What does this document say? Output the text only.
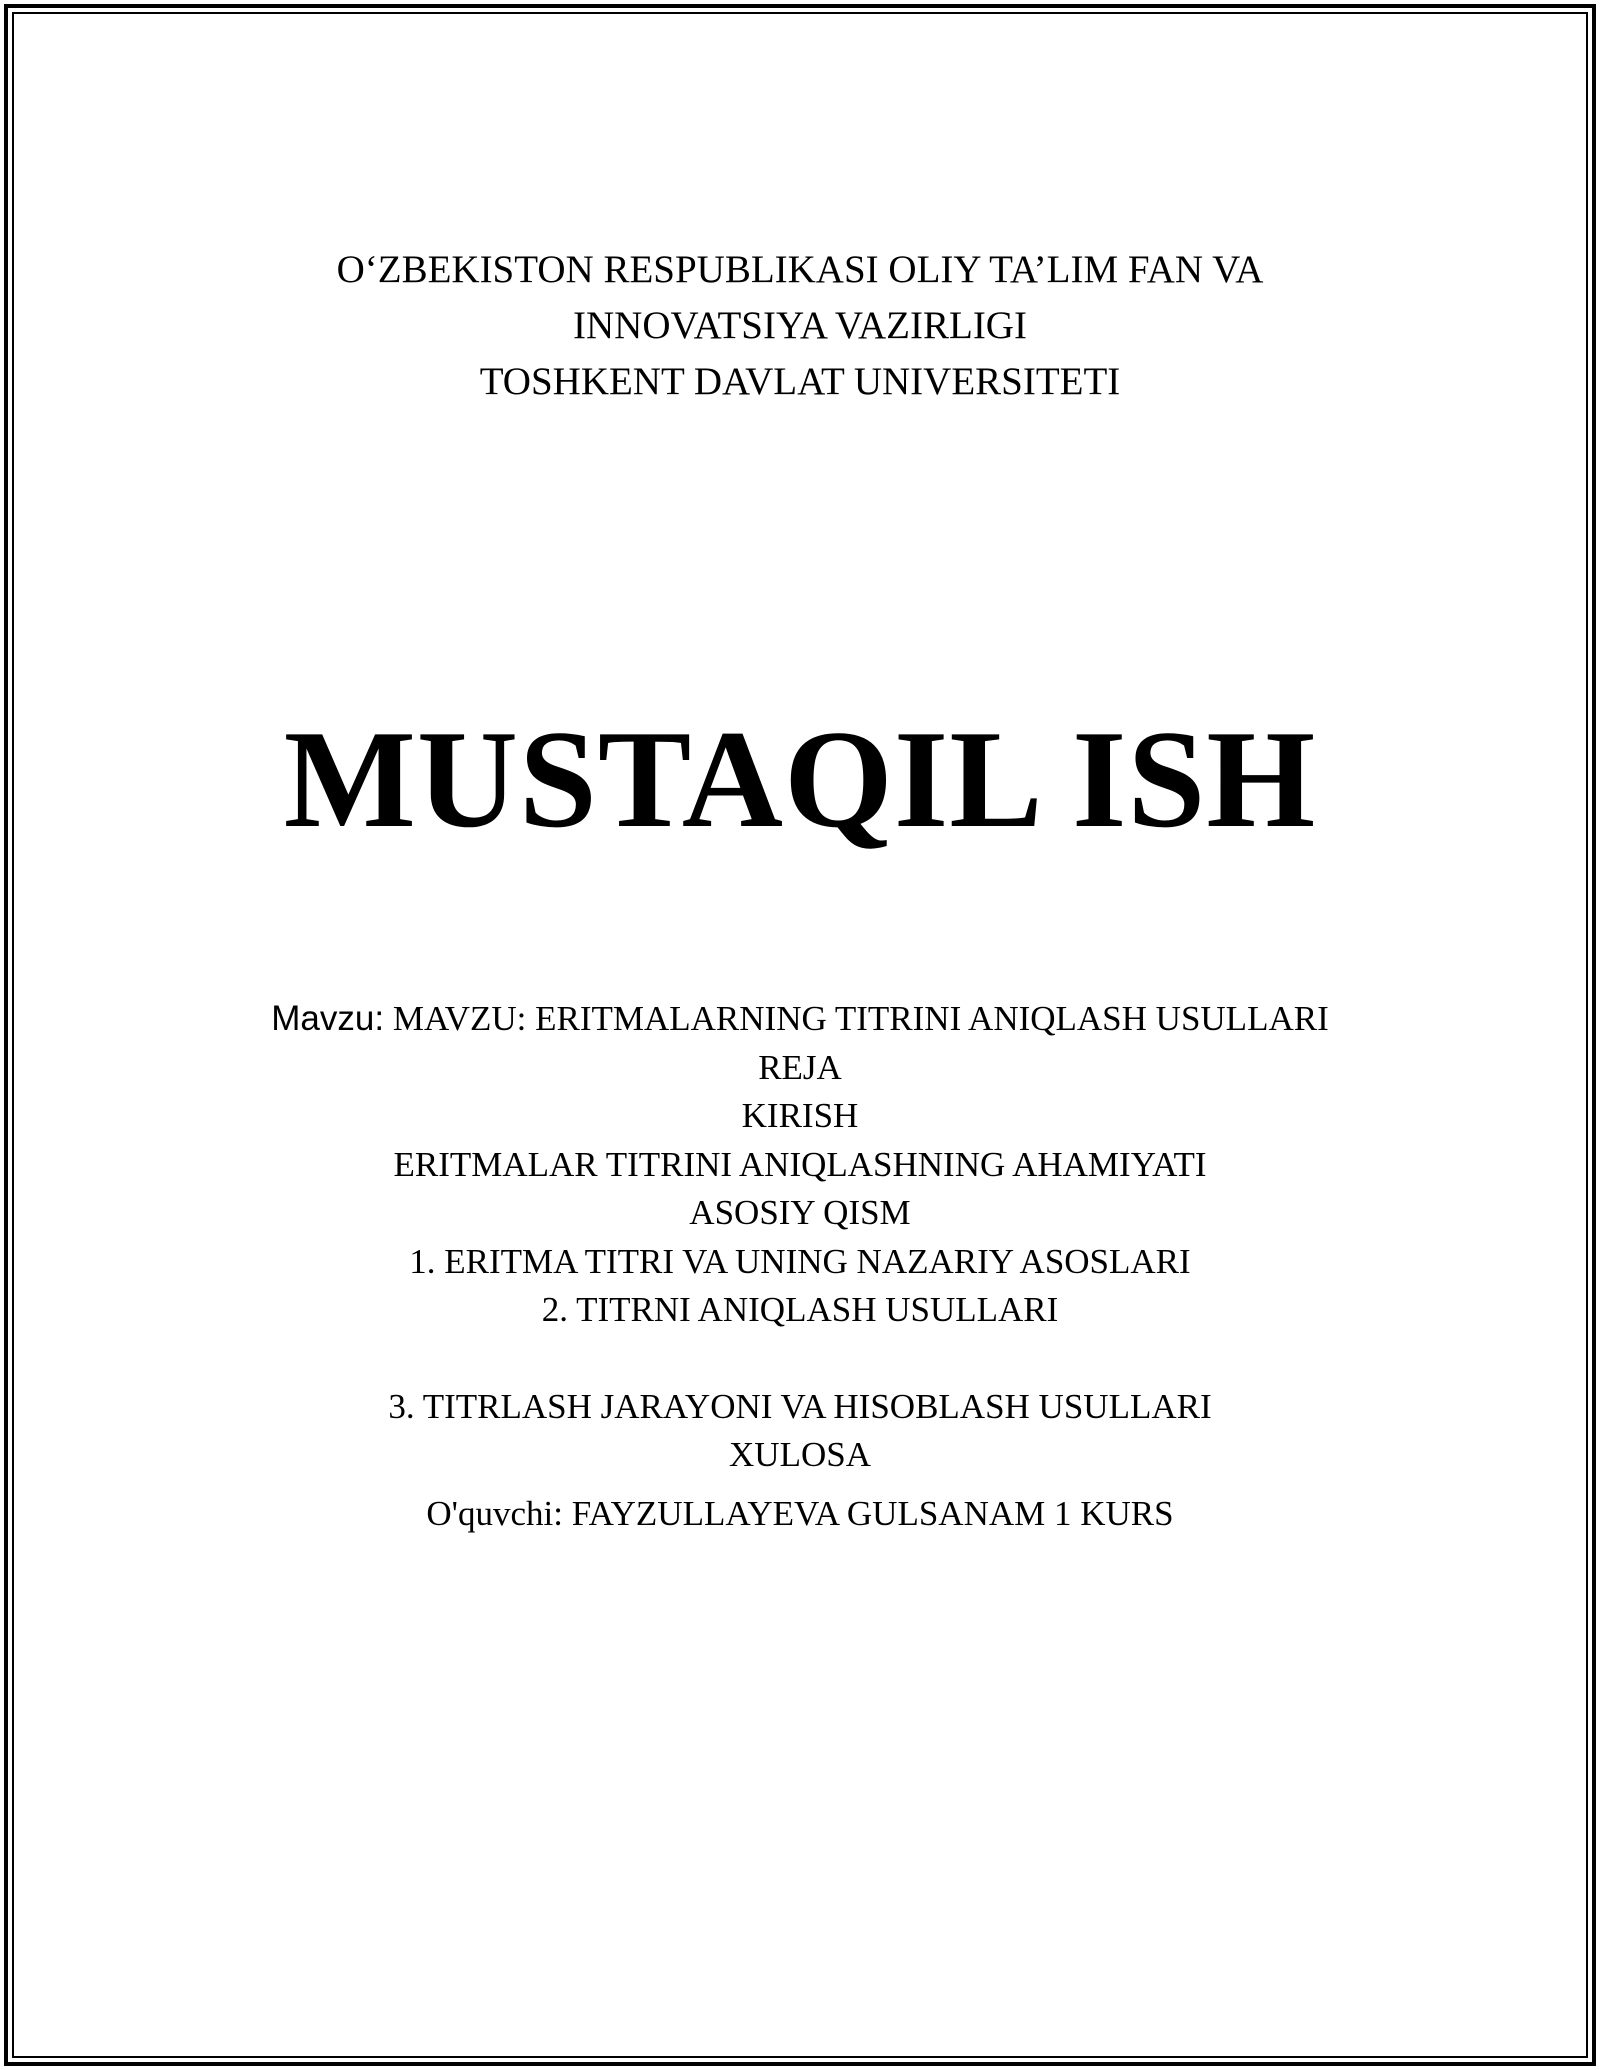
O‘ZBEKISTON RESPUBLIKASI OLIY TA’LIM FAN VA
INNOVATSIYA VAZIRLIGI
TOSHKENT DAVLAT UNIVERSITETI
MUSTAQIL ISH
Mavzu: MAVZU: ERITMALARNING TITRINI ANIQLASH USULLARI
REJA
KIRISH
ERITMALAR TITRINI ANIQLASHNING AHAMIYATI
ASOSIY QISM
1. ERITMA TITRI VA UNING NAZARIY ASOSLARI
2. TITRNI ANIQLASH USULLARI
3. TITRLASH JARAYONI VA HISOBLASH USULLARI
XULOSA
O'quvchi: FAYZULLAYEVA GULSANAM 1 KURS
